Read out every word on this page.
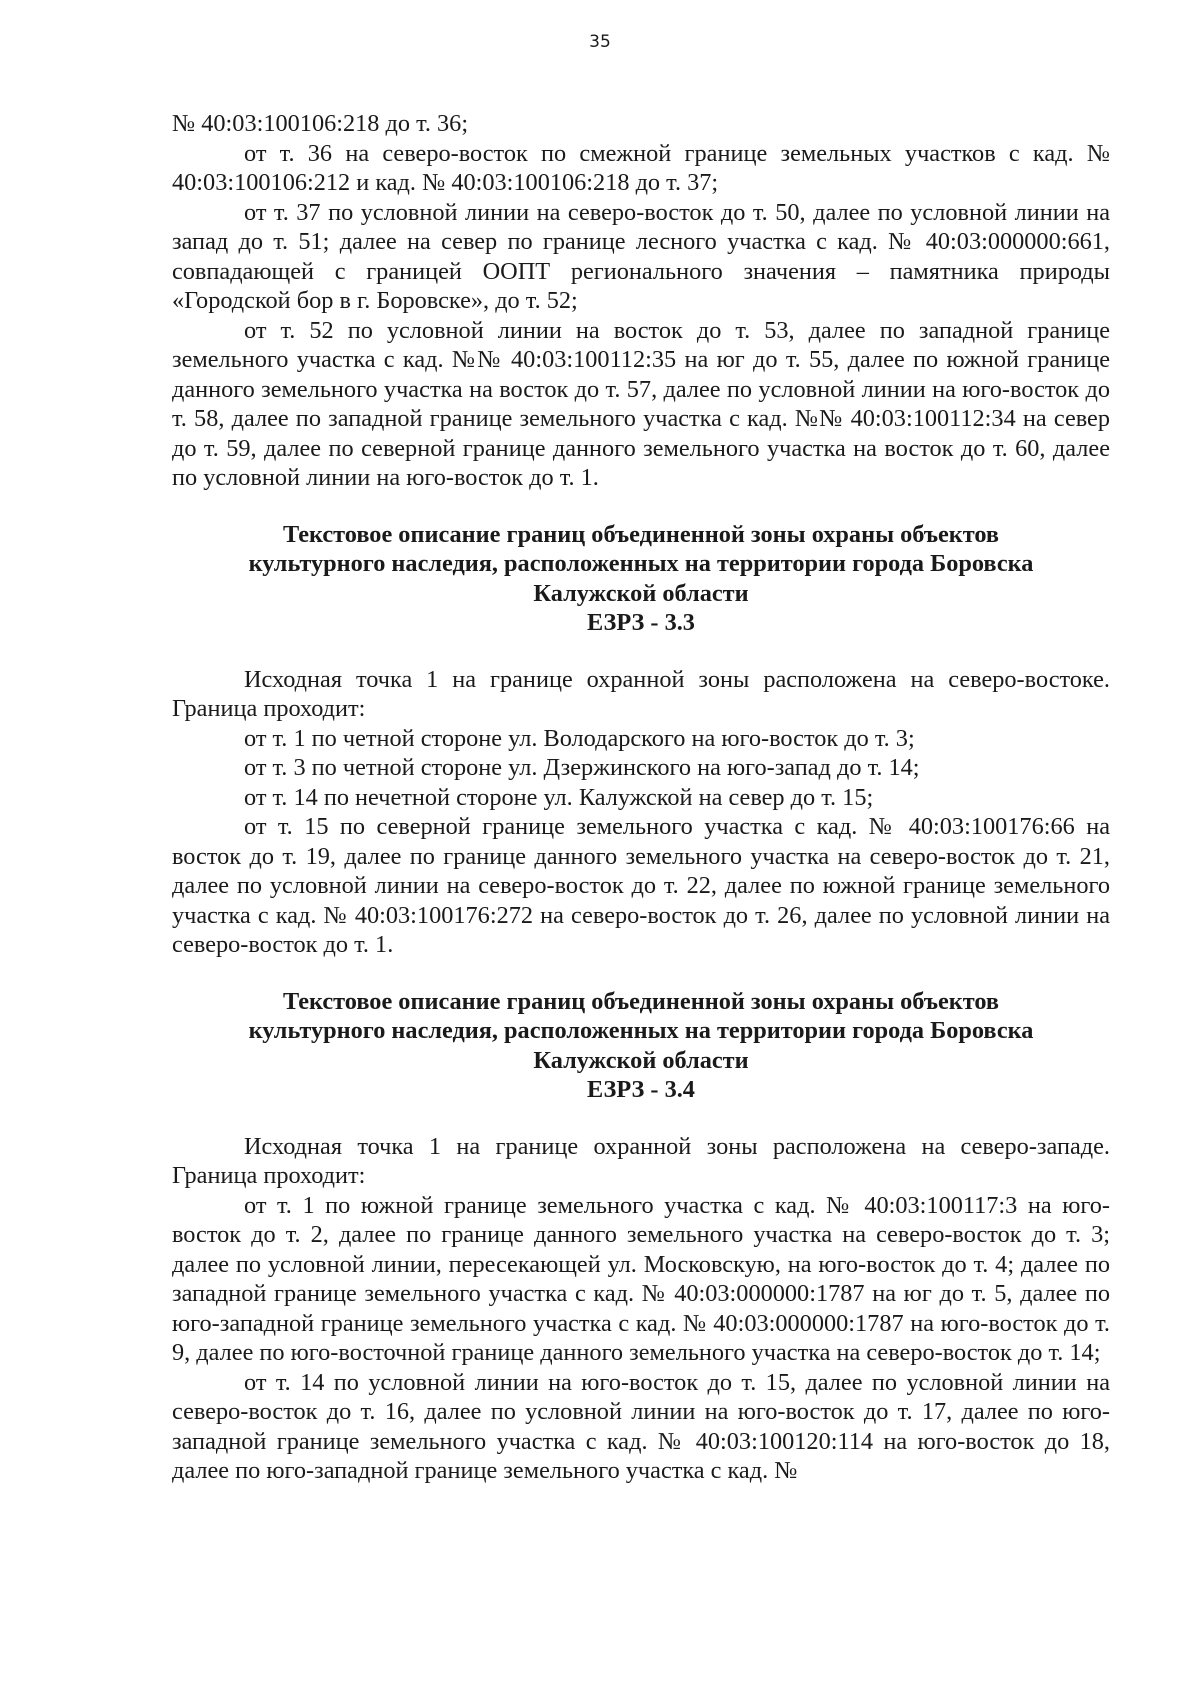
35

№ 40:03:100106:218 до т. 36;

от т. 36 на северо-восток по смежной границе земельных участков с кад. № 40:03:100106:212 и кад. № 40:03:100106:218 до т. 37;

от т. 37 по условной линии на северо-восток до т. 50, далее по условной линии на запад до т. 51; далее на север по границе лесного участка с кад. № 40:03:000000:661, совпадающей с границей ООПТ регионального значения – памятника природы «Городской бор в г. Боровске», до т. 52;

от т. 52 по условной линии на восток до т. 53, далее по западной границе земельного участка с кад. №№ 40:03:100112:35 на юг до т. 55, далее по южной границе данного земельного участка на восток до т. 57, далее по условной линии на юго-восток до т. 58, далее по западной границе земельного участка с кад. №№ 40:03:100112:34 на север до т. 59, далее по северной границе данного земельного участка на восток до т. 60, далее по условной линии на юго-восток до т. 1.

Текстовое описание границ объединенной зоны охраны объектов
культурного наследия, расположенных на территории города Боровска
Калужской области
ЕЗРЗ - 3.3

Исходная точка 1 на границе охранной зоны расположена на северо-востоке. Граница проходит:

от т. 1 по четной стороне ул. Володарского на юго-восток до т. 3;

от т. 3 по четной стороне ул. Дзержинского на юго-запад до т. 14;

от т. 14 по нечетной стороне ул. Калужской на север до т. 15;

от т. 15 по северной границе земельного участка с кад. № 40:03:100176:66 на восток до т. 19, далее по границе данного земельного участка на северо-восток до т. 21, далее по условной линии на северо-восток до т. 22, далее по южной границе земельного участка с кад. № 40:03:100176:272 на северо-восток до т. 26, далее по условной линии на северо-восток до т. 1.

Текстовое описание границ объединенной зоны охраны объектов
культурного наследия, расположенных на территории города Боровска
Калужской области
ЕЗРЗ - 3.4

Исходная точка 1 на границе охранной зоны расположена на северо-западе. Граница проходит:

от т. 1 по южной границе земельного участка с кад. № 40:03:100117:3 на юго-восток до т. 2, далее по границе данного земельного участка на северо-восток до т. 3; далее по условной линии, пересекающей ул. Московскую, на юго-восток до т. 4; далее по западной границе земельного участка с кад. № 40:03:000000:1787 на юг до т. 5, далее по юго-западной границе земельного участка с кад. № 40:03:000000:1787 на юго-восток до т. 9, далее по юго-восточной границе данного земельного участка на северо-восток до т. 14;

от т. 14 по условной линии на юго-восток до т. 15, далее по условной линии на северо-восток до т. 16, далее по условной линии на юго-восток до т. 17, далее по юго-западной границе земельного участка с кад. № 40:03:100120:114 на юго-восток до 18, далее по юго-западной границе земельного участка с кад. №
